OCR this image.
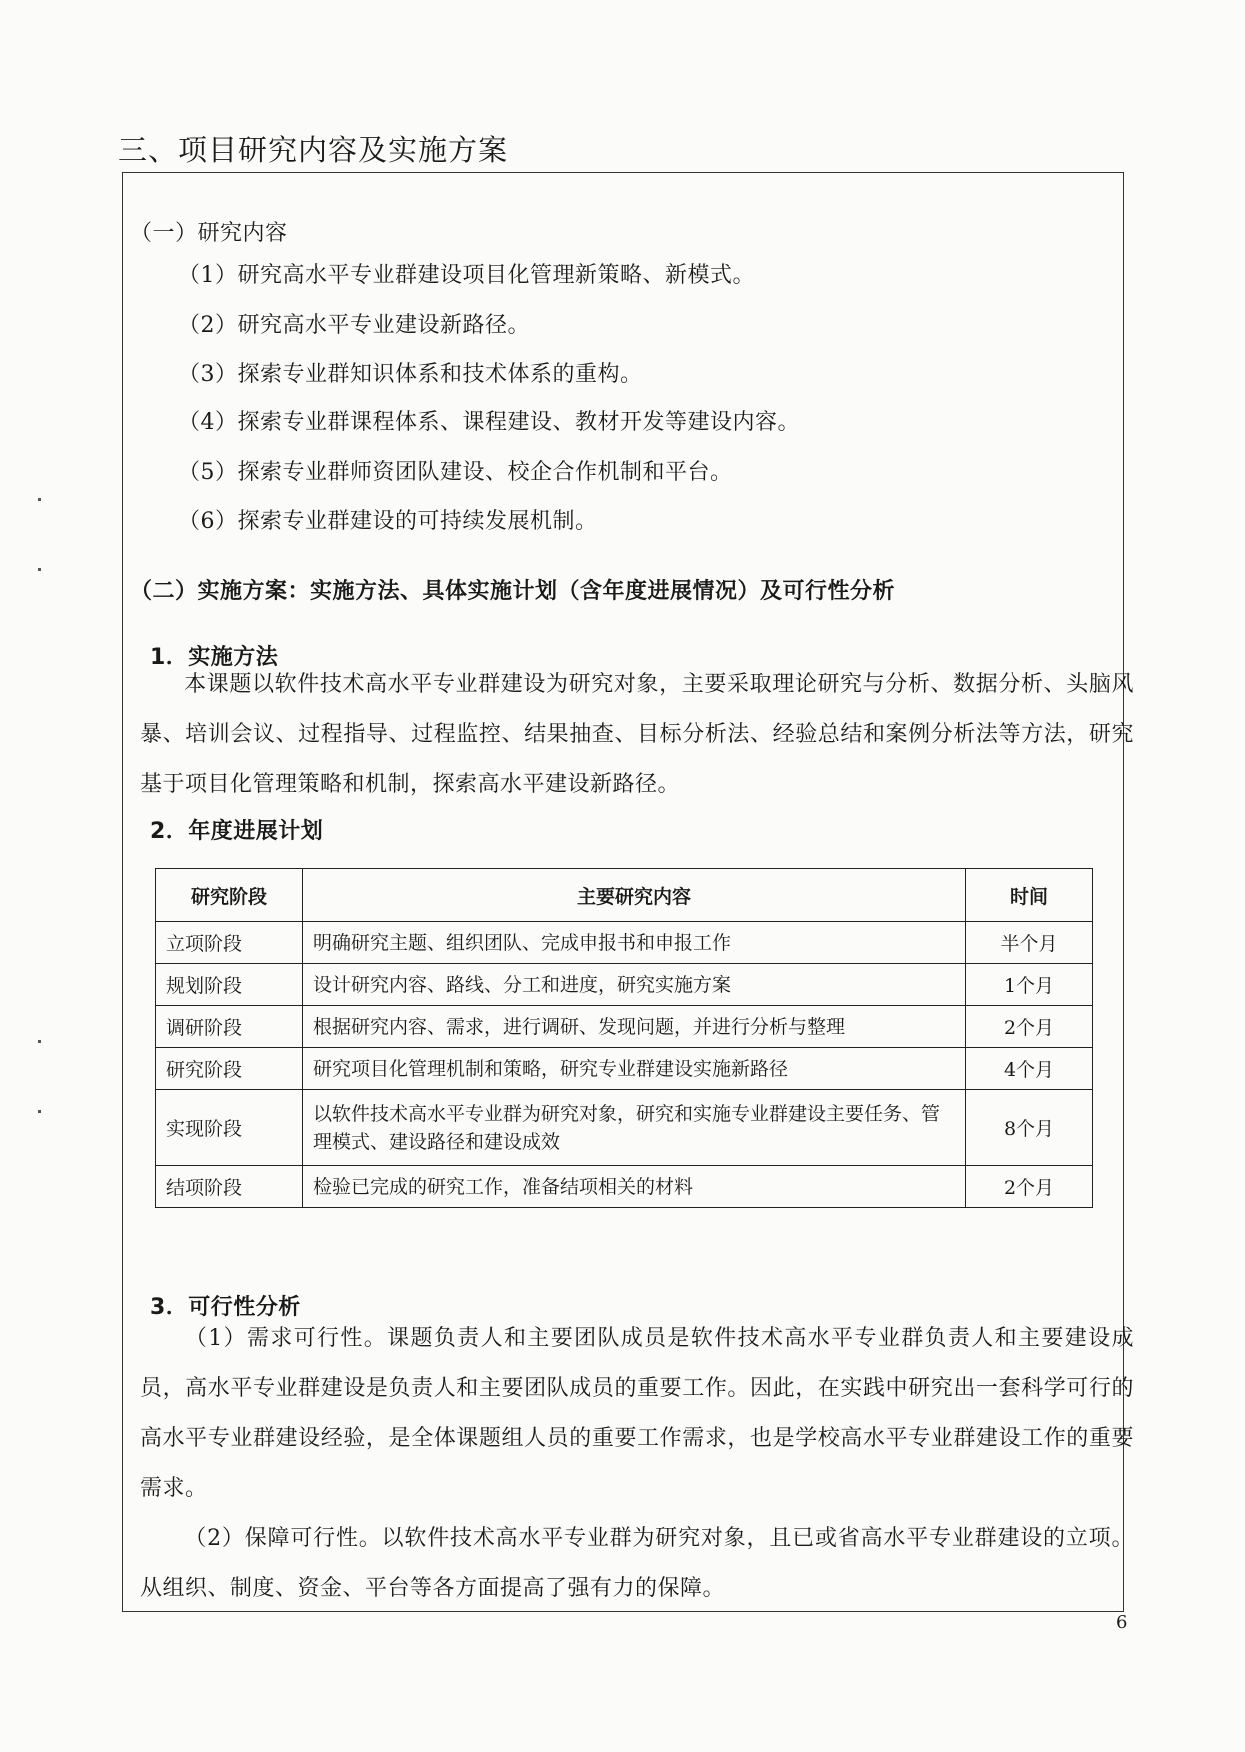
三、项目研究内容及实施方案
（一）研究内容
（1）研究高水平专业群建设项目化管理新策略、新模式。
（2）研究高水平专业建设新路径。
（3）探索专业群知识体系和技术体系的重构。
（4）探索专业群课程体系、课程建设、教材开发等建设内容。
（5）探索专业群师资团队建设、校企合作机制和平台。
（6）探索专业群建设的可持续发展机制。
（二）实施方案：实施方法、具体实施计划（含年度进展情况）及可行性分析
1．实施方法
本课题以软件技术高水平专业群建设为研究对象，主要采取理论研究与分析、数据分析、头脑风暴、培训会议、过程指导、过程监控、结果抽查、目标分析法、经验总结和案例分析法等方法，研究基于项目化管理策略和机制，探索高水平建设新路径。
2．年度进展计划
研究阶段	主要研究内容	时间
立项阶段	明确研究主题、组织团队、完成申报书和申报工作	半个月
规划阶段	设计研究内容、路线、分工和进度，研究实施方案	1个月
调研阶段	根据研究内容、需求，进行调研、发现问题，并进行分析与整理	2个月
研究阶段	研究项目化管理机制和策略，研究专业群建设实施新路径	4个月
实现阶段	以软件技术高水平专业群为研究对象，研究和实施专业群建设主要任务、管理模式、建设路径和建设成效	8个月
结项阶段	检验已完成的研究工作，准备结项相关的材料	2个月
3．可行性分析
（1）需求可行性。课题负责人和主要团队成员是软件技术高水平专业群负责人和主要建设成员，高水平专业群建设是负责人和主要团队成员的重要工作。因此，在实践中研究出一套科学可行的高水平专业群建设经验，是全体课题组人员的重要工作需求，也是学校高水平专业群建设工作的重要需求。
（2）保障可行性。以软件技术高水平专业群为研究对象，且已或省高水平专业群建设的立项。从组织、制度、资金、平台等各方面提高了强有力的保障。
6
